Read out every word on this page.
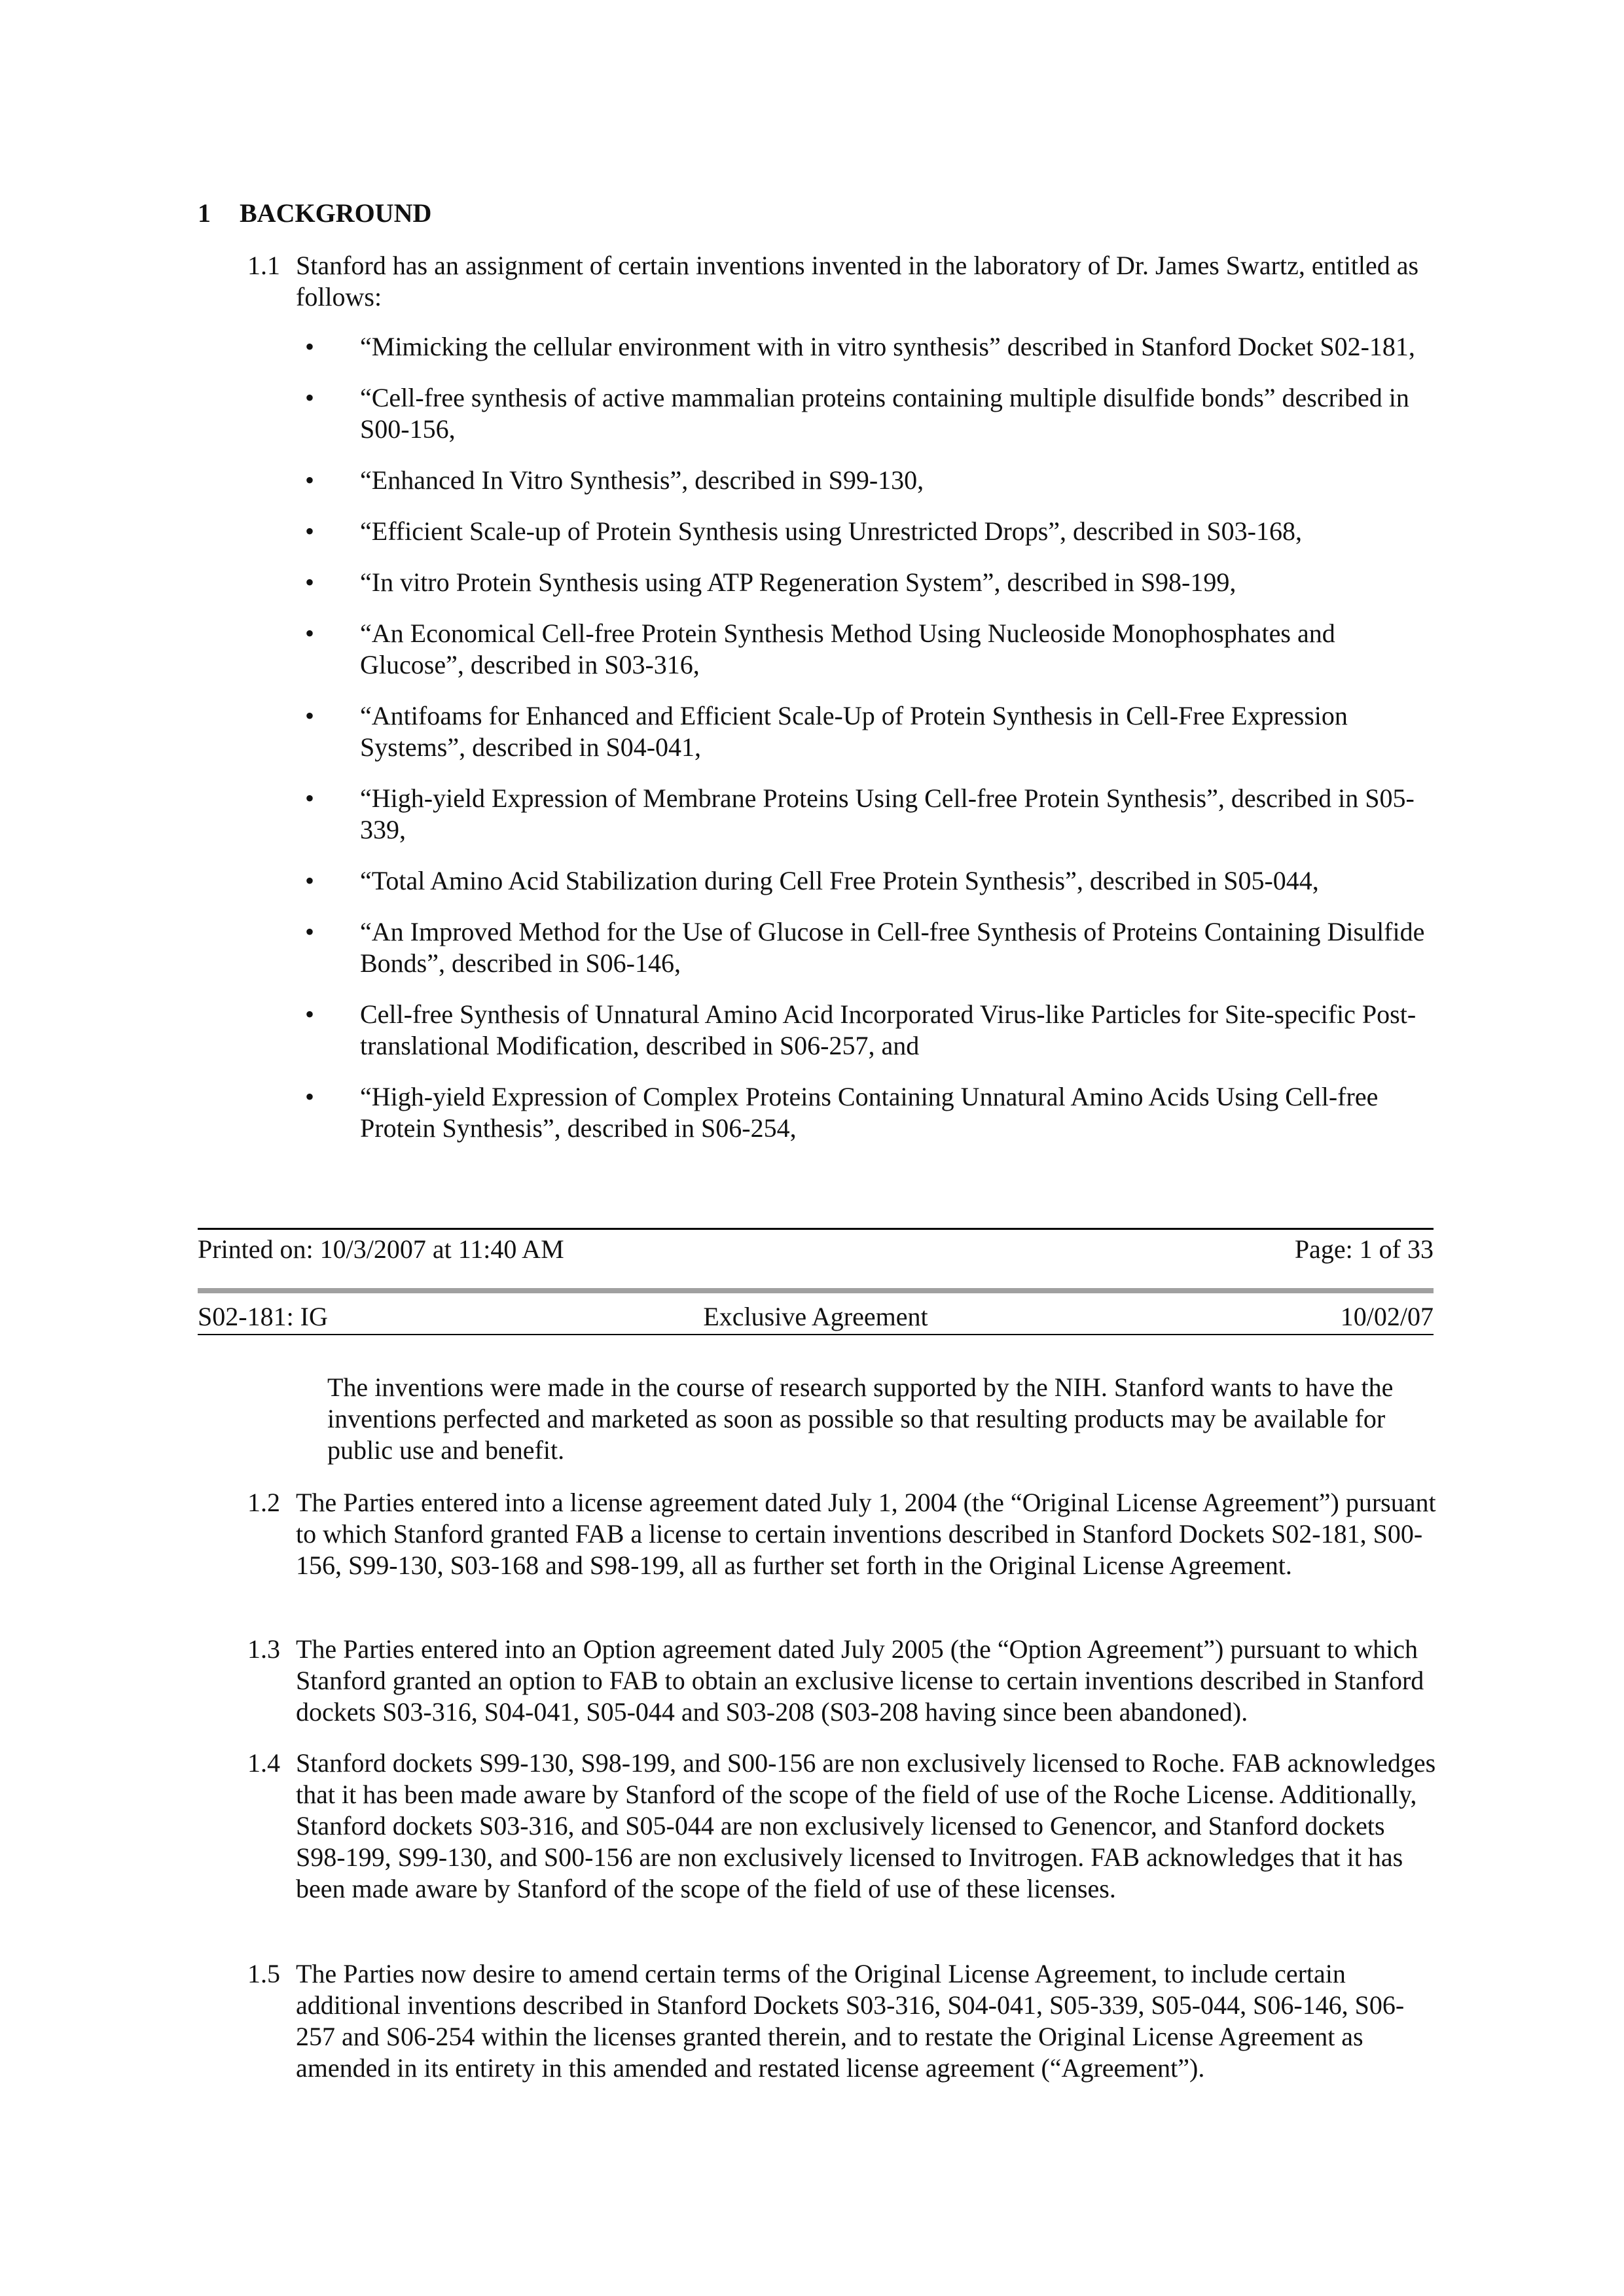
1 BACKGROUND
1.1 Stanford has an assignment of certain inventions invented in the laboratory of Dr. James Swartz, entitled as follows:
• “Mimicking the cellular environment with in vitro synthesis” described in Stanford Docket S02-181,
• “Cell-free synthesis of active mammalian proteins containing multiple disulfide bonds” described in S00-156,
• “Enhanced In Vitro Synthesis”, described in S99-130,
• “Efficient Scale-up of Protein Synthesis using Unrestricted Drops”, described in S03-168,
• “In vitro Protein Synthesis using ATP Regeneration System”, described in S98-199,
• “An Economical Cell-free Protein Synthesis Method Using Nucleoside Monophosphates and Glucose”, described in S03-316,
• “Antifoams for Enhanced and Efficient Scale-Up of Protein Synthesis in Cell-Free Expression Systems”, described in S04-041,
• “High-yield Expression of Membrane Proteins Using Cell-free Protein Synthesis”, described in S05-339,
• “Total Amino Acid Stabilization during Cell Free Protein Synthesis”, described in S05-044,
• “An Improved Method for the Use of Glucose in Cell-free Synthesis of Proteins Containing Disulfide Bonds”, described in S06-146,
• Cell-free Synthesis of Unnatural Amino Acid Incorporated Virus-like Particles for Site-specific Post-translational Modification, described in S06-257, and
• “High-yield Expression of Complex Proteins Containing Unnatural Amino Acids Using Cell-free Protein Synthesis”, described in S06-254,
Printed on: 10/3/2007 at 11:40 AM	Page: 1 of 33
S02-181: IG	Exclusive Agreement	10/02/07
The inventions were made in the course of research supported by the NIH. Stanford wants to have the inventions perfected and marketed as soon as possible so that resulting products may be available for public use and benefit.
1.2 The Parties entered into a license agreement dated July 1, 2004 (the “Original License Agreement”) pursuant to which Stanford granted FAB a license to certain inventions described in Stanford Dockets S02-181, S00-156, S99-130, S03-168 and S98-199, all as further set forth in the Original License Agreement.
1.3 The Parties entered into an Option agreement dated July 2005 (the “Option Agreement”) pursuant to which Stanford granted an option to FAB to obtain an exclusive license to certain inventions described in Stanford dockets S03-316, S04-041, S05-044 and S03-208 (S03-208 having since been abandoned).
1.4 Stanford dockets S99-130, S98-199, and S00-156 are non exclusively licensed to Roche. FAB acknowledges that it has been made aware by Stanford of the scope of the field of use of the Roche License. Additionally, Stanford dockets S03-316, and S05-044 are non exclusively licensed to Genencor, and Stanford dockets S98-199, S99-130, and S00-156 are non exclusively licensed to Invitrogen. FAB acknowledges that it has been made aware by Stanford of the scope of the field of use of these licenses.
1.5 The Parties now desire to amend certain terms of the Original License Agreement, to include certain additional inventions described in Stanford Dockets S03-316, S04-041, S05-339, S05-044, S06-146, S06-257 and S06-254 within the licenses granted therein, and to restate the Original License Agreement as amended in its entirety in this amended and restated license agreement (“Agreement”).
